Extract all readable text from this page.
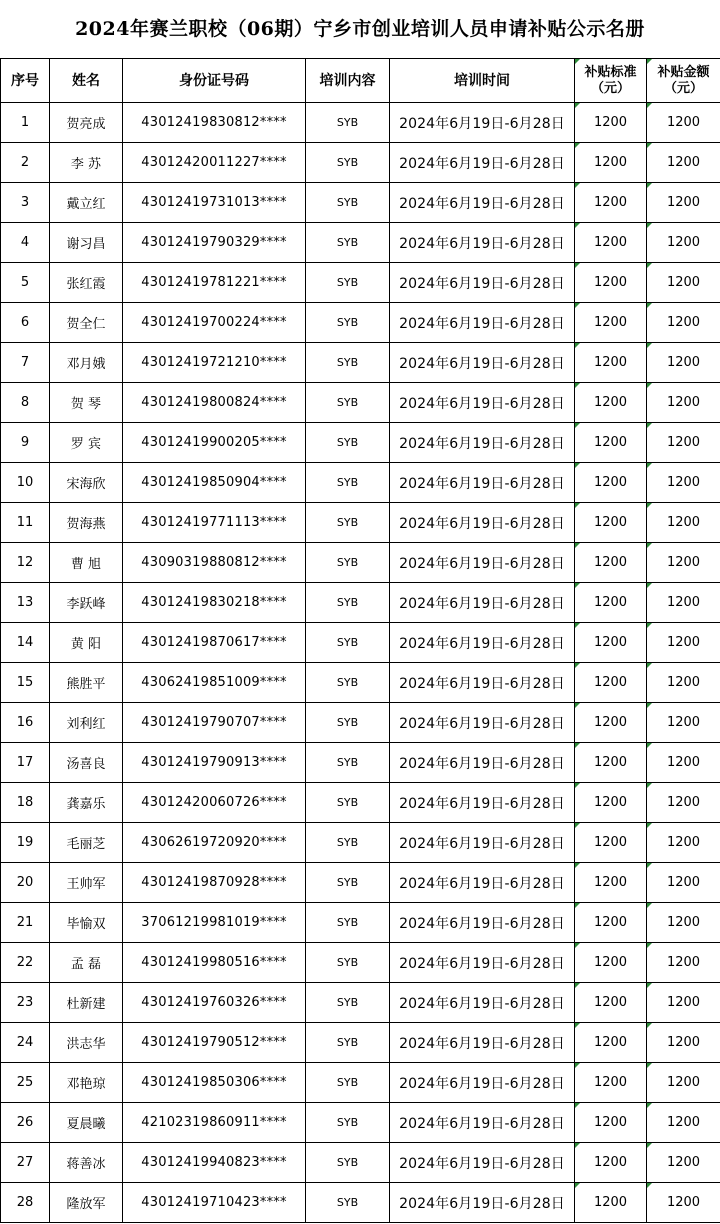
2024年赛兰职校（06期）宁乡市创业培训人员申请补贴公示名册
序号	姓名	身份证号码	培训内容	培训时间	补贴标准（元）	补贴金额（元）
1	贺亮成	43012419830812****	SYB	2024年6月19日-6月28日	1200	1200
2	李 苏	43012420011227****	SYB	2024年6月19日-6月28日	1200	1200
3	戴立红	43012419731013****	SYB	2024年6月19日-6月28日	1200	1200
4	谢习昌	43012419790329****	SYB	2024年6月19日-6月28日	1200	1200
5	张红霞	43012419781221****	SYB	2024年6月19日-6月28日	1200	1200
6	贺全仁	43012419700224****	SYB	2024年6月19日-6月28日	1200	1200
7	邓月娥	43012419721210****	SYB	2024年6月19日-6月28日	1200	1200
8	贺 琴	43012419800824****	SYB	2024年6月19日-6月28日	1200	1200
9	罗 宾	43012419900205****	SYB	2024年6月19日-6月28日	1200	1200
10	宋海欣	43012419850904****	SYB	2024年6月19日-6月28日	1200	1200
11	贺海燕	43012419771113****	SYB	2024年6月19日-6月28日	1200	1200
12	曹 旭	43090319880812****	SYB	2024年6月19日-6月28日	1200	1200
13	李跃峰	43012419830218****	SYB	2024年6月19日-6月28日	1200	1200
14	黄 阳	43012419870617****	SYB	2024年6月19日-6月28日	1200	1200
15	熊胜平	43062419851009****	SYB	2024年6月19日-6月28日	1200	1200
16	刘利红	43012419790707****	SYB	2024年6月19日-6月28日	1200	1200
17	汤喜良	43012419790913****	SYB	2024年6月19日-6月28日	1200	1200
18	龚嘉乐	43012420060726****	SYB	2024年6月19日-6月28日	1200	1200
19	毛丽芝	43062619720920****	SYB	2024年6月19日-6月28日	1200	1200
20	王帅军	43012419870928****	SYB	2024年6月19日-6月28日	1200	1200
21	毕愉双	37061219981019****	SYB	2024年6月19日-6月28日	1200	1200
22	孟 磊	43012419980516****	SYB	2024年6月19日-6月28日	1200	1200
23	杜新建	43012419760326****	SYB	2024年6月19日-6月28日	1200	1200
24	洪志华	43012419790512****	SYB	2024年6月19日-6月28日	1200	1200
25	邓艳琼	43012419850306****	SYB	2024年6月19日-6月28日	1200	1200
26	夏晨曦	42102319860911****	SYB	2024年6月19日-6月28日	1200	1200
27	蒋善冰	43012419940823****	SYB	2024年6月19日-6月28日	1200	1200
28	隆放军	43012419710423****	SYB	2024年6月19日-6月28日	1200	1200
